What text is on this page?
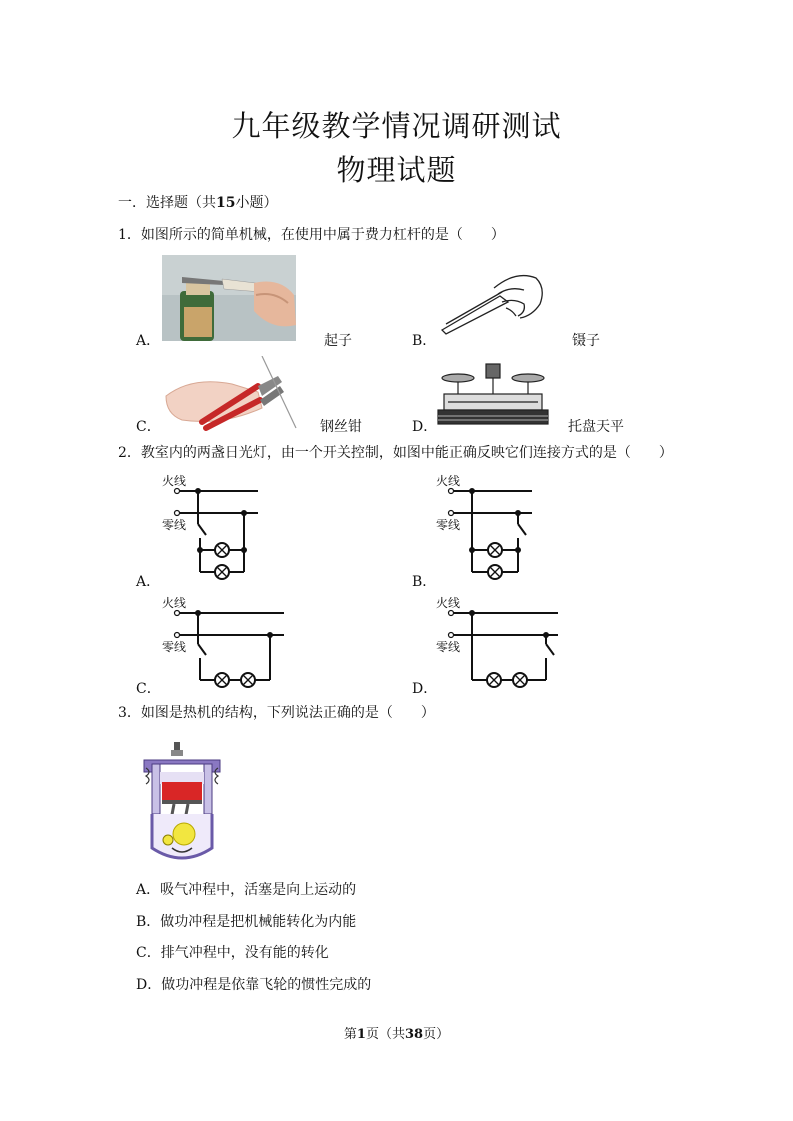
九年级教学情况调研测试
物理试题
一．选择题（共15小题）
1．如图所示的简单机械，在使用中属于费力杠杆的是（　　）
A．	起子	B．	镊子
C．	钢丝钳	D．	托盘天平
2．教室内的两盏日光灯，由一个开关控制，如图中能正确反映它们连接方式的是（　　）
火线
零线
A．
火线
零线
B．
火线
零线
C．
火线
零线
D．
3．如图是热机的结构，下列说法正确的是（　　）
A．吸气冲程中，活塞是向上运动的
B．做功冲程是把机械能转化为内能
C．排气冲程中，没有能的转化
D．做功冲程是依靠飞轮的惯性完成的
第1页（共38页）
